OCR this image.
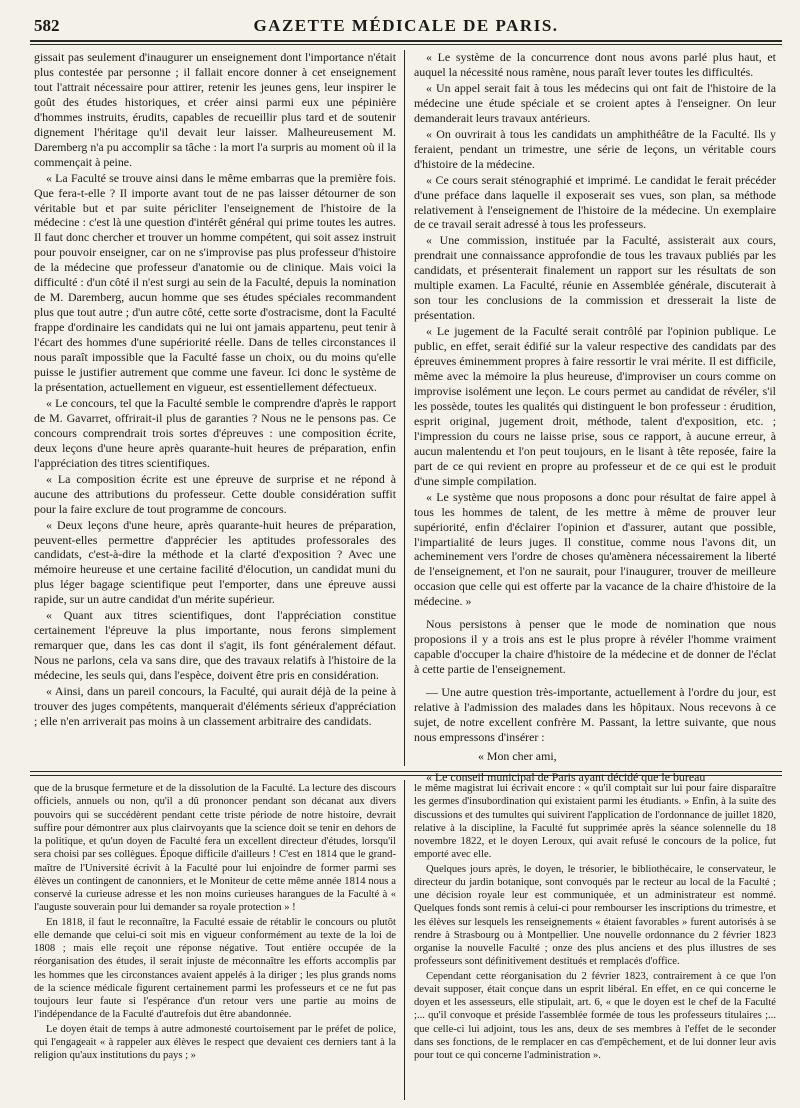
582	GAZETTE MÉDICALE DE PARIS.

gissait pas seulement d'inaugurer un enseignement dont l'importance n'était plus contestée par personne ; il fallait encore donner à cet enseignement tout l'attrait nécessaire pour attirer, retenir les jeunes gens, leur inspirer le goût des études historiques, et créer ainsi parmi eux une pépinière d'hommes instruits, érudits, capables de recueillir plus tard et de soutenir dignement l'héritage qu'il devait leur laisser. Malheureusement M. Daremberg n'a pu accomplir sa tâche : la mort l'a surpris au moment où il la commençait à peine.

« La Faculté se trouve ainsi dans le même embarras que la première fois. Que fera-t-elle ? Il importe avant tout de ne pas laisser détourner de son véritable but et par suite péricliter l'enseignement de l'histoire de la médecine : c'est là une question d'intérêt général qui prime toutes les autres. Il faut donc chercher et trouver un homme compétent, qui soit assez instruit pour pouvoir enseigner, car on ne s'improvise pas plus professeur d'histoire de la médecine que professeur d'anatomie ou de clinique. Mais voici la difficulté : d'un côté il n'est surgi au sein de la Faculté, depuis la nomination de M. Daremberg, aucun homme que ses études spéciales recommandent plus que tout autre ; d'un autre côté, cette sorte d'ostracisme, dont la Faculté frappe d'ordinaire les candidats qui ne lui ont jamais appartenu, peut tenir à l'écart des hommes d'une supériorité réelle. Dans de telles circonstances il nous paraît impossible que la Faculté fasse un choix, ou du moins qu'elle puisse le justifier autrement que comme une faveur. Ici donc le système de la présentation, actuellement en vigueur, est essentiellement défectueux.

« Le concours, tel que la Faculté semble le comprendre d'après le rapport de M. Gavarret, offrirait-il plus de garanties ? Nous ne le pensons pas. Ce concours comprendrait trois sortes d'épreuves : une composition écrite, deux leçons d'une heure après quarante-huit heures de préparation, enfin l'appréciation des titres scientifiques.

« La composition écrite est une épreuve de surprise et ne répond à aucune des attributions du professeur. Cette double considération suffit pour la faire exclure de tout programme de concours.

« Deux leçons d'une heure, après quarante-huit heures de préparation, peuvent-elles permettre d'apprécier les aptitudes professorales des candidats, c'est-à-dire la méthode et la clarté d'exposition ? Avec une mémoire heureuse et une certaine facilité d'élocution, un candidat muni du plus léger bagage scientifique peut l'emporter, dans une épreuve aussi rapide, sur un autre candidat d'un mérite supérieur.

« Quant aux titres scientifiques, dont l'appréciation constitue certainement l'épreuve la plus importante, nous ferons simplement remarquer que, dans les cas dont il s'agit, ils font généralement défaut. Nous ne parlons, cela va sans dire, que des travaux relatifs à l'histoire de la médecine, les seuls qui, dans l'espèce, doivent être pris en considération.

« Ainsi, dans un pareil concours, la Faculté, qui aurait déjà de la peine à trouver des juges compétents, manquerait d'éléments sérieux d'appréciation ; elle n'en arriverait pas moins à un classement arbitraire des candidats.

« Le système de la concurrence dont nous avons parlé plus haut, et auquel la nécessité nous ramène, nous paraît lever toutes les difficultés.

« Un appel serait fait à tous les médecins qui ont fait de l'histoire de la médecine une étude spéciale et se croient aptes à l'enseigner. On leur demanderait leurs travaux antérieurs.

« On ouvrirait à tous les candidats un amphithéâtre de la Faculté. Ils y feraient, pendant un trimestre, une série de leçons, un véritable cours d'histoire de la médecine.

« Ce cours serait sténographié et imprimé. Le candidat le ferait précéder d'une préface dans laquelle il exposerait ses vues, son plan, sa méthode relativement à l'enseignement de l'histoire de la médecine. Un exemplaire de ce travail serait adressé à tous les professeurs.

« Une commission, instituée par la Faculté, assisterait aux cours, prendrait une connaissance approfondie de tous les travaux publiés par les candidats, et présenterait finalement un rapport sur les résultats de son multiple examen. La Faculté, réunie en Assemblée générale, discuterait à son tour les conclusions de la commission et dresserait la liste de présentation.

« Le jugement de la Faculté serait contrôlé par l'opinion publique. Le public, en effet, serait édifié sur la valeur respective des candidats par des épreuves éminemment propres à faire ressortir le vrai mérite. Il est difficile, même avec la mémoire la plus heureuse, d'improviser un cours comme on improvise isolément une leçon. Le cours permet au candidat de révéler, s'il les possède, toutes les qualités qui distinguent le bon professeur : érudition, esprit original, jugement droit, méthode, talent d'exposition, etc. ; l'impression du cours ne laisse prise, sous ce rapport, à aucune erreur, à aucun malentendu et l'on peut toujours, en le lisant à tête reposée, faire la part de ce qui revient en propre au professeur et de ce qui est le produit d'une simple compilation.

« Le système que nous proposons a donc pour résultat de faire appel à tous les hommes de talent, de les mettre à même de prouver leur supériorité, enfin d'éclairer l'opinion et d'assurer, autant que possible, l'impartialité de leurs juges. Il constitue, comme nous l'avons dit, un acheminement vers l'ordre de choses qu'amènera nécessairement la liberté de l'enseignement, et l'on ne saurait, pour l'inaugurer, trouver de meilleure occasion que celle qui est offerte par la vacance de la chaire d'histoire de la médecine. »

Nous persistons à penser que le mode de nomination que nous proposions il y a trois ans est le plus propre à révéler l'homme vraiment capable d'occuper la chaire d'histoire de la médecine et de donner de l'éclat à cette partie de l'enseignement.

— Une autre question très-importante, actuellement à l'ordre du jour, est relative à l'admission des malades dans les hôpitaux. Nous recevons à ce sujet, de notre excellent confrère M. Passant, la lettre suivante, que nous nous empressons d'insérer :

« Mon cher ami,

« Le conseil municipal de Paris ayant décidé que le bureau

que de la brusque fermeture et de la dissolution de la Faculté. La lecture des discours officiels, annuels ou non, qu'il a dû prononcer pendant son décanat aux divers pouvoirs qui se succédèrent pendant cette triste période de notre histoire, devrait suffire pour démontrer aux plus clairvoyants que la science doit se tenir en dehors de la politique, et qu'un doyen de Faculté fera un excellent directeur d'études, lorsqu'il sera choisi par ses collègues. Époque difficile d'ailleurs ! C'est en 1814 que le grand-maître de l'Université écrivit à la Faculté pour lui enjoindre de former parmi ses élèves un contingent de canonniers, et le Moniteur de cette même année 1814 nous a conservé la curieuse adresse et les non moins curieuses harangues de la Faculté à « l'auguste souverain pour lui demander sa royale protection » !

En 1818, il faut le reconnaître, la Faculté essaie de rétablir le concours ou plutôt elle demande que celui-ci soit mis en vigueur conformément au texte de la loi de 1808 ; mais elle reçoit une réponse négative. Tout entière occupée de la réorganisation des études, il serait injuste de méconnaître les efforts accomplis par les hommes que les circonstances avaient appelés à la diriger ; les plus grands noms de la science médicale figurent certainement parmi les professeurs et ce ne fut pas toujours leur faute si l'espérance d'un retour vers une partie au moins de l'indépendance de la Faculté d'autrefois dut être abandonnée.

Le doyen était de temps à autre admonesté courtoisement par le préfet de police, qui l'engageait « à rappeler aux élèves le respect que devaient ces derniers tant à la religion qu'aux institutions du pays ; »

le même magistrat lui écrivait encore : « qu'il comptait sur lui pour faire disparaître les germes d'insubordination qui existaient parmi les étudiants. » Enfin, à la suite des discussions et des tumultes qui suivirent l'application de l'ordonnance de juillet 1820, relative à la discipline, la Faculté fut supprimée après la séance solennelle du 18 novembre 1822, et le doyen Leroux, qui avait refusé le concours de la police, fut emporté avec elle.

Quelques jours après, le doyen, le trésorier, le bibliothécaire, le conservateur, le directeur du jardin botanique, sont convoqués par le recteur au local de la Faculté ; une décision royale leur est communiquée, et un administrateur est nommé. Quelques fonds sont remis à celui-ci pour rembourser les inscriptions du trimestre, et les élèves sur lesquels les renseignements « étaient favorables » furent autorisés à se rendre à Strasbourg ou à Montpellier. Une nouvelle ordonnance du 2 février 1823 organise la nouvelle Faculté ; onze des plus anciens et des plus illustres de ses professeurs sont définitivement destitués et remplacés d'office.

Cependant cette réorganisation du 2 février 1823, contrairement à ce que l'on devait supposer, était conçue dans un esprit libéral. En effet, en ce qui concerne le doyen et les assesseurs, elle stipulait, art. 6, « que le doyen est le chef de la Faculté ;... qu'il convoque et préside l'assemblée formée de tous les professeurs titulaires ;... que celle-ci lui adjoint, tous les ans, deux de ses membres à l'effet de le seconder dans ses fonctions, de le remplacer en cas d'empêchement, et de lui donner leur avis pour tout ce qui concerne l'administration ».
